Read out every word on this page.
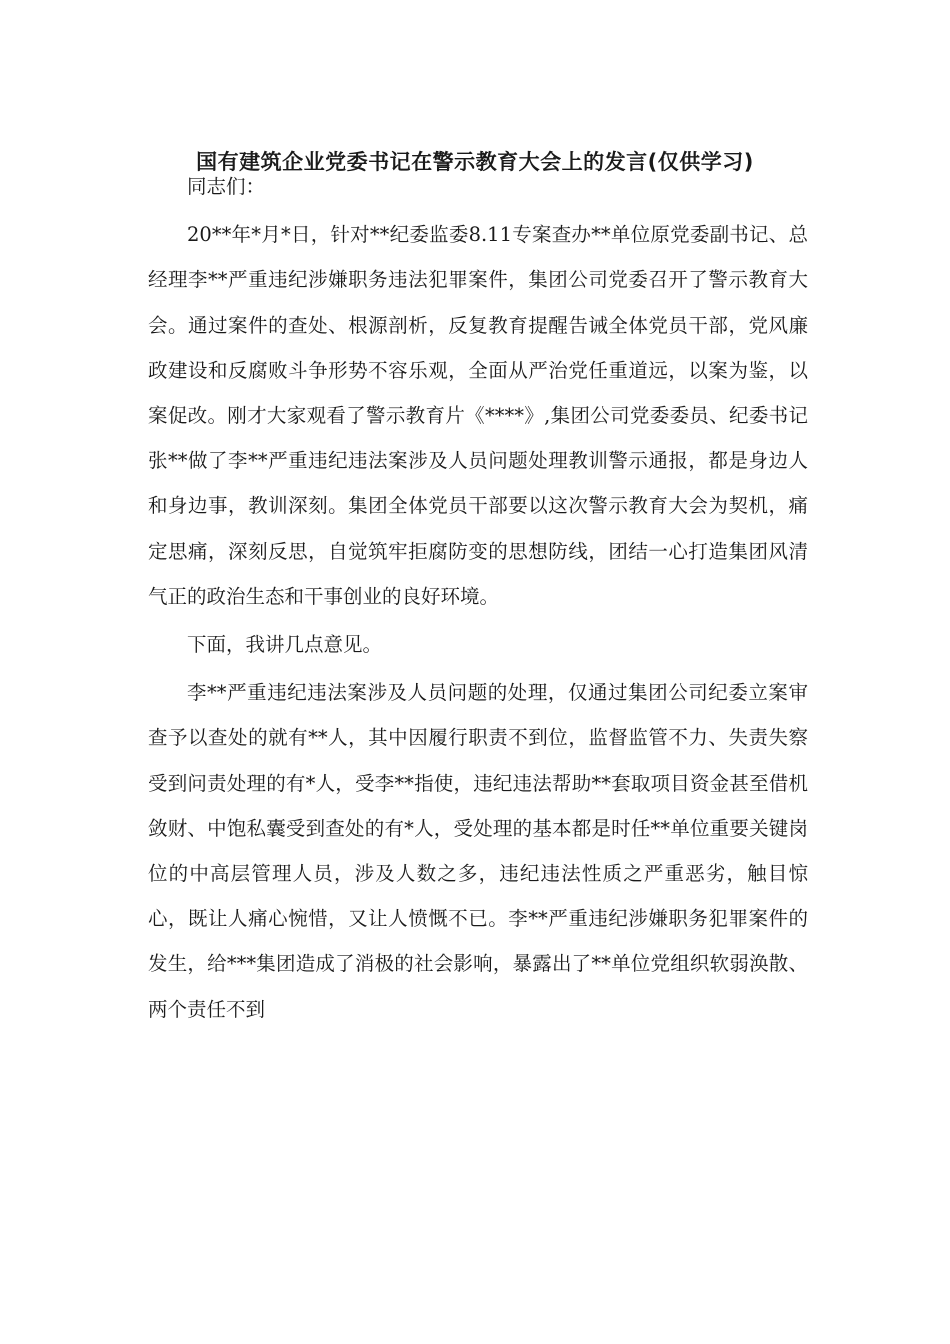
国有建筑企业党委书记在警示教育大会上的发言(仅供学习)

同志们：

20**年*月*日，针对**纪委监委8.11专案查办**单位原党委副书记、总经理李**严重违纪涉嫌职务违法犯罪案件，集团公司党委召开了警示教育大会。通过案件的查处、根源剖析，反复教育提醒告诫全体党员干部，党风廉政建设和反腐败斗争形势不容乐观，全面从严治党任重道远，以案为鉴，以案促改。刚才大家观看了警示教育片《****》,集团公司党委委员、纪委书记张**做了李**严重违纪违法案涉及人员问题处理教训警示通报，都是身边人和身边事，教训深刻。集团全体党员干部要以这次警示教育大会为契机，痛定思痛，深刻反思，自觉筑牢拒腐防变的思想防线，团结一心打造集团风清气正的政治生态和干事创业的良好环境。

下面，我讲几点意见。

李**严重违纪违法案涉及人员问题的处理，仅通过集团公司纪委立案审查予以查处的就有**人，其中因履行职责不到位，监督监管不力、失责失察受到问责处理的有*人，受李**指使，违纪违法帮助**套取项目资金甚至借机敛财、中饱私囊受到查处的有*人，受处理的基本都是时任**单位重要关键岗位的中高层管理人员，涉及人数之多，违纪违法性质之严重恶劣，触目惊心，既让人痛心惋惜，又让人愤慨不已。李**严重违纪涉嫌职务犯罪案件的发生，给***集团造成了消极的社会影响，暴露出了**单位党组织软弱涣散、两个责任不到
